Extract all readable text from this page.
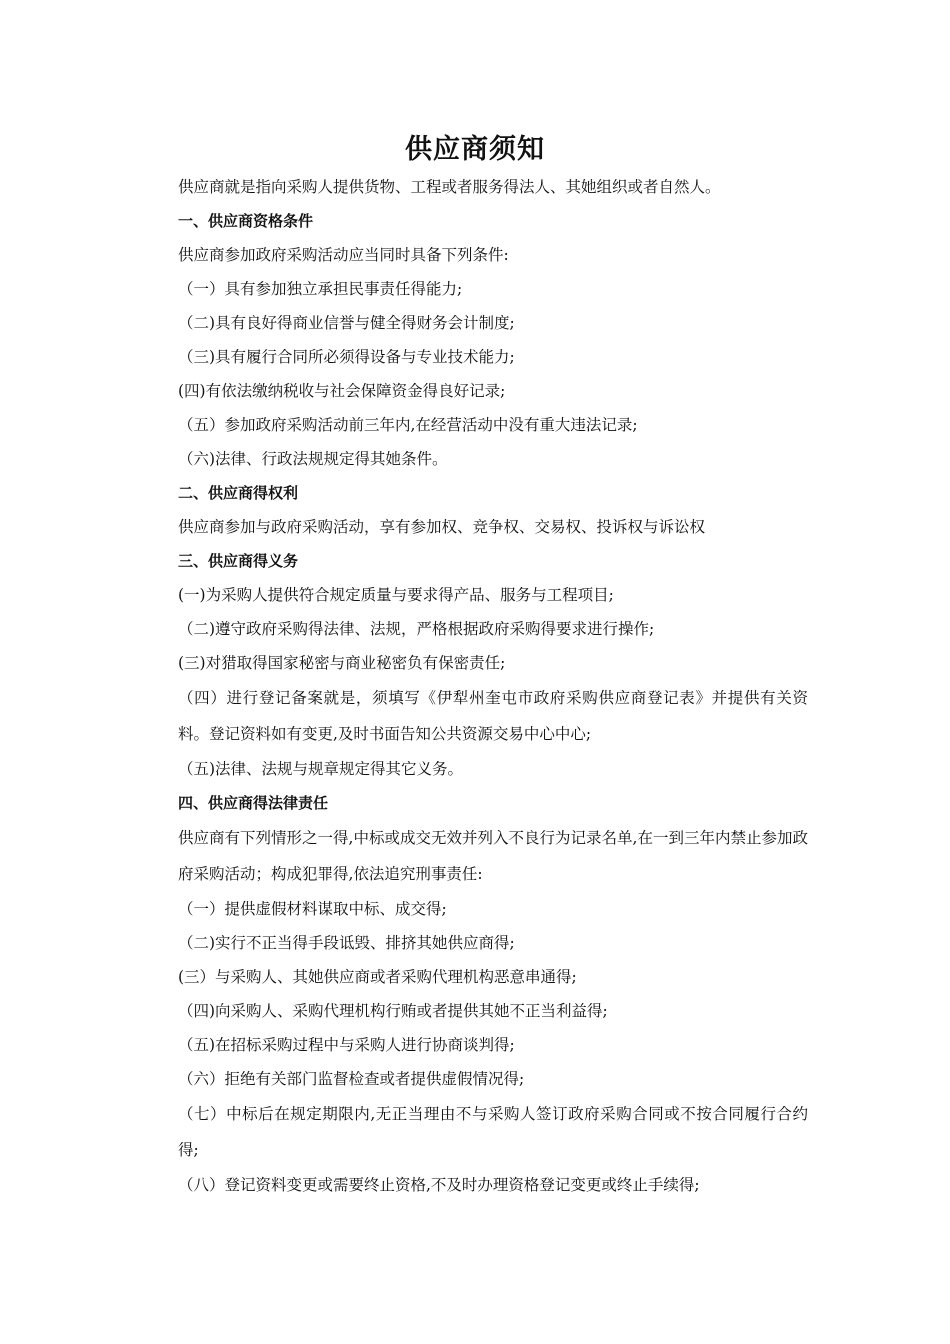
供应商须知
供应商就是指向采购人提供货物、工程或者服务得法人、其她组织或者自然人。
一、供应商资格条件
供应商参加政府采购活动应当同时具备下列条件:
（一）具有参加独立承担民事责任得能力;
（二)具有良好得商业信誉与健全得财务会计制度;
（三)具有履行合同所必须得设备与专业技术能力;
(四)有依法缴纳税收与社会保障资金得良好记录;
（五）参加政府采购活动前三年内,在经营活动中没有重大违法记录;
（六)法律、行政法规规定得其她条件。
二、供应商得权利
供应商参加与政府采购活动，享有参加权、竞争权、交易权、投诉权与诉讼权
三、供应商得义务
(一)为采购人提供符合规定质量与要求得产品、服务与工程项目;
（二)遵守政府采购得法律、法规，严格根据政府采购得要求进行操作;
(三)对猎取得国家秘密与商业秘密负有保密责任;
（四）进行登记备案就是，须填写《伊犁州奎屯市政府采购供应商登记表》并提供有关资料。登记资料如有变更,及时书面告知公共资源交易中心中心;
（五)法律、法规与规章规定得其它义务。
四、供应商得法律责任
供应商有下列情形之一得,中标或成交无效并列入不良行为记录名单,在一到三年内禁止参加政府采购活动；构成犯罪得,依法追究刑事责任:
（一）提供虚假材料谋取中标、成交得;
（二)实行不正当得手段诋毁、排挤其她供应商得;
(三）与采购人、其她供应商或者采购代理机构恶意串通得;
（四)向采购人、采购代理机构行贿或者提供其她不正当利益得;
（五)在招标采购过程中与采购人进行协商谈判得;
（六）拒绝有关部门监督检查或者提供虚假情况得;
（七）中标后在规定期限内,无正当理由不与采购人签订政府采购合同或不按合同履行合约得;
（八）登记资料变更或需要终止资格,不及时办理资格登记变更或终止手续得;
